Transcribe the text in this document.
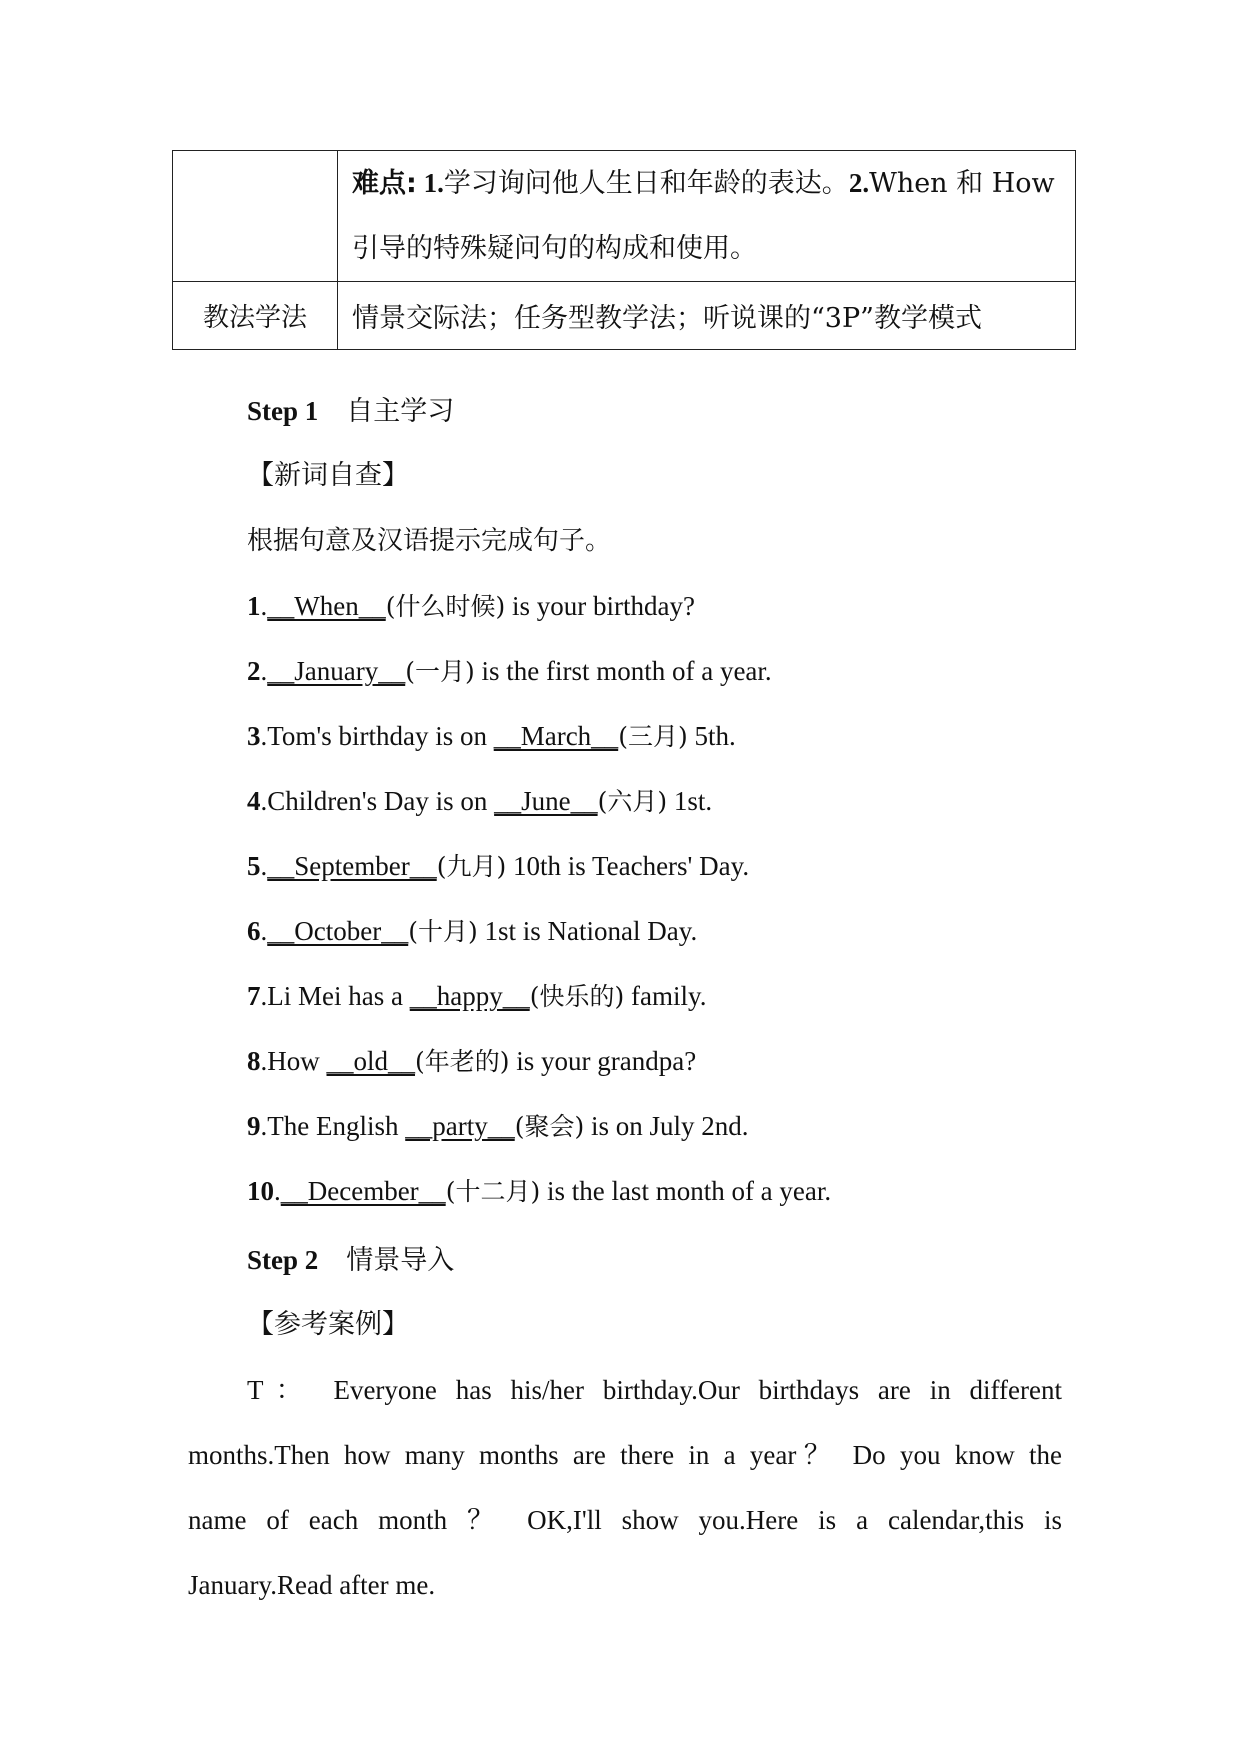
	难点: 1.学习询问他人生日和年龄的表达。2.When 和 How
引导的特殊疑问句的构成和使用。
教法学法	情景交际法；任务型教学法；听说课的“3P”教学模式
Step 1 自主学习
【新词自查】
根据句意及汉语提示完成句子。
1.__When__(什么时候) is your birthday?
2.__January__(一月) is the first month of a year.
3.Tom's birthday is on __March__(三月) 5th.
4.Children's Day is on __June__(六月) 1st.
5.__September__(九月) 10th is Teachers' Day.
6.__October__(十月) 1st is National Day.
7.Li Mei has a __happy__(快乐的) family.
8.How __old__(年老的) is your grandpa?
9.The English __party__(聚会) is on July 2nd.
10.__December__(十二月) is the last month of a year.
Step 2 情景导入
【参考案例】
T： Everyone has his/her birthday.Our birthdays are in different
months.Then how many months are there in a year？ Do you know the
name of each month ？ OK,I'll show you.Here is a calendar,this is
January.Read after me.
